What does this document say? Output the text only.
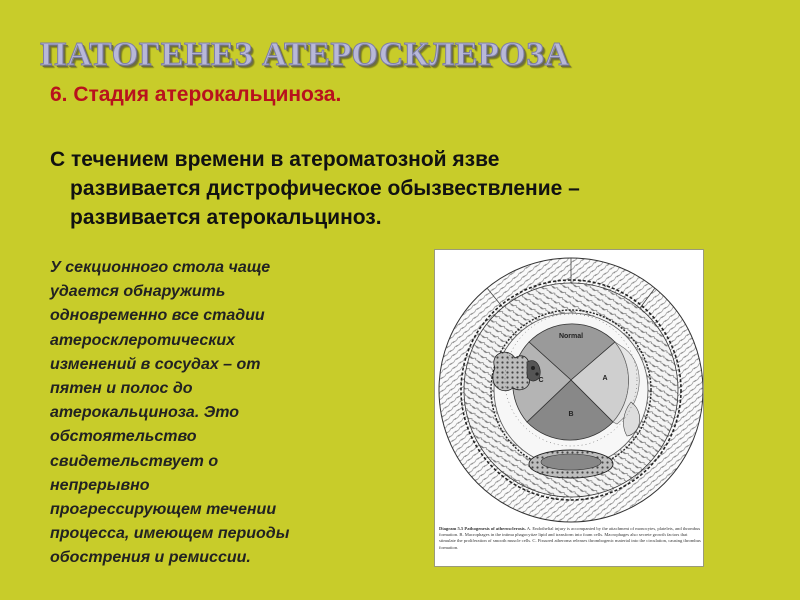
ПАТОГЕНЕЗ АТЕРОСКЛЕРОЗА
6. Стадия атерокальциноза.
С течением времени в атероматозной язве
развивается дистрофическое обызвествление –
развивается атерокальциноз.
У секционного стола чаще
удается обнаружить
одновременно все стадии
атеросклеротических
изменений в сосудах – от
пятен и полос до
атерокальциноза. Это
обстоятельство
свидетельствует о
непрерывно
прогрессирующем течении
процесса, имеющем периоды
обострения и ремиссии.
Normal
A
B
C
Diagram 5.5 Pathogenesis of atherosclerosis. A. Endothelial injury is accompanied by the attachment of monocytes, platelets, and thrombus formation. B. Macrophages in the intima phagocytize lipid and transform into foam cells. Macrophages also secrete growth factors that stimulate the proliferation of smooth muscle cells. C. Fissured atheroma releases thrombogenic material into the circulation, causing thrombus formation.
